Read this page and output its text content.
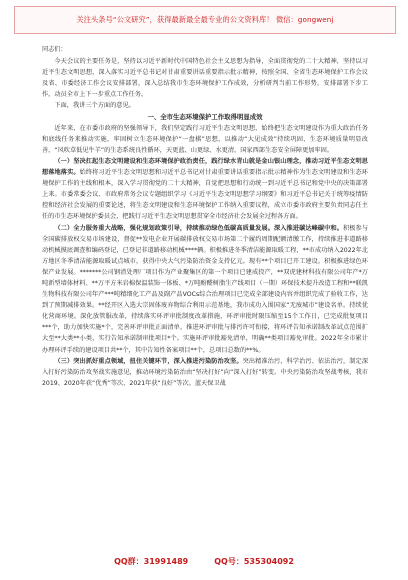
关注头条号“公文研究”，获得最新最全最专业的公文资料库！ 微信：gongwenj

同志们：

今天会议的主要任务是，坚持以习近平新时代中国特色社会主义思想为指导，全面贯彻党的二十大精神，坚持以习近平生态文明思想，深入落实习近平总书记对甘肃重要讲话重要指示批示精神，按照全国、全省生态环境保护工作会议及省、市委经济工作会议安排部署，深入总结我市生态环境保护工作成效，分析研判当前工作形势，安排部署下步工作，动员全市上下一步重点工作任务。

下面，我讲三个方面的意见。

一、全市生态环境保护工作取得明显成效

近年来，在市委市政府的坚强领导下，我们坚定践行习近平生态文明思想，始终把生态文明建设作为重大政治任务和底线任务来推动实施，牢固树立生态环境保护“一盘棋”思想，以推动“大见成效”持续巩固，生态环境质量明显改善，“风吹草低见牛羊”的生态系统良性循环，天更蓝、山更绿、水更清，国家西部生态安全屏障更加牢固。

（一）坚决扛起生态文明建设和生态环境保护政治责任，践行绿水青山就是金山银山理念，推动习近平生态文明思想落地落实。始终将习近平生态文明思想和习近平总书记对甘肃重要讲话重要指示批示精神作为生态文明建设和生态环境保护工作的主线和根本，深入学习贯彻党的二十大精神，自觉把思想和行动统一到习近平总书记和党中央的决策部署上来。市委常委会议、市政府常务会议专题组织学习《习近平生态文明思想学习纲要》和习近平总书记关于统筹疫情防控和经济社会发展的重要论述，将生态文明建设和生态环境保护工作纳入重要议程，成立市委市政府主要负责同志任主任的市生态环境保护委员会，把践行习近平生态文明思想贯穿全市经济社会发展全过程各方面。

（二）全力服务重大战略，强化规划政策引导，持续推动绿色低碳高质量发展。深入推进碳达峰碳中和。积极参与全国碳排放权交易市场建设，督促**发电企业开展碳排放权交易市场第二个履约周期配额清缴工作，持续推进非道路移动机械摸底调查和编码登记，已登记非道路移动机械****辆。积极推进冬季清洁能源取暖工程，**市成功纳入2022年北方地区冬季清洁能源取暖试点城市，获得中央大气污染防治资金支持亿元。现有**个项目已开工建设。积极推进绿色环保产业发展。*******公司钢渣处理厂项目作为产业聚集区的第一个项目已建成投产，**双虎建材科技有限公司年产*万吨新型墙体材料、**万平方米岩棉保温装饰一体板、*万吨酚醛树脂生产线项目（一期）环保技术提升改造工程和**联凯生物科技有限公司年产***吨精细化工产品及副产品VOCs综合治理项目已完成全部建设内容并组织完成了验收工作，达到了预期减排效果。**经开区入选大宗固体废弃物综合利用示范基地，我市成功入围国家“无废城市”建设名单。持续优化营商环境。深化放管服改革，持续落实环评审批制度改革措施，环评审批时限压缩至15个工作日，已完成批复项目***个，助力加快实施*个，完善环评审批正面清单，推进环评审批与排污许可衔接，将环评告知承诺制改革试点范围扩大至**大类**小类，实行告知承诺制审批项目*个。实施环评审批豁免清单，明确**类项目豁免审批。2022年全市累计办理环评手续的建设项目共**个，其中告知性备案项目**个，总项目总数的**%。

（三）突出抓好重点领域，扭住关键环节，深入推进污染防治攻坚。突出精准治污、科学治污、依法治污，制定深入打好污染防治攻坚战实施意见，推动环境污染防治由“坚决打好”向“深入打好”转变。中央污染防治攻坚战考核，我市2019、2020年获“优秀”等次、2021年获“良好”等次。蓝天保卫战

QQ群：31991489	QQ号：535304092
